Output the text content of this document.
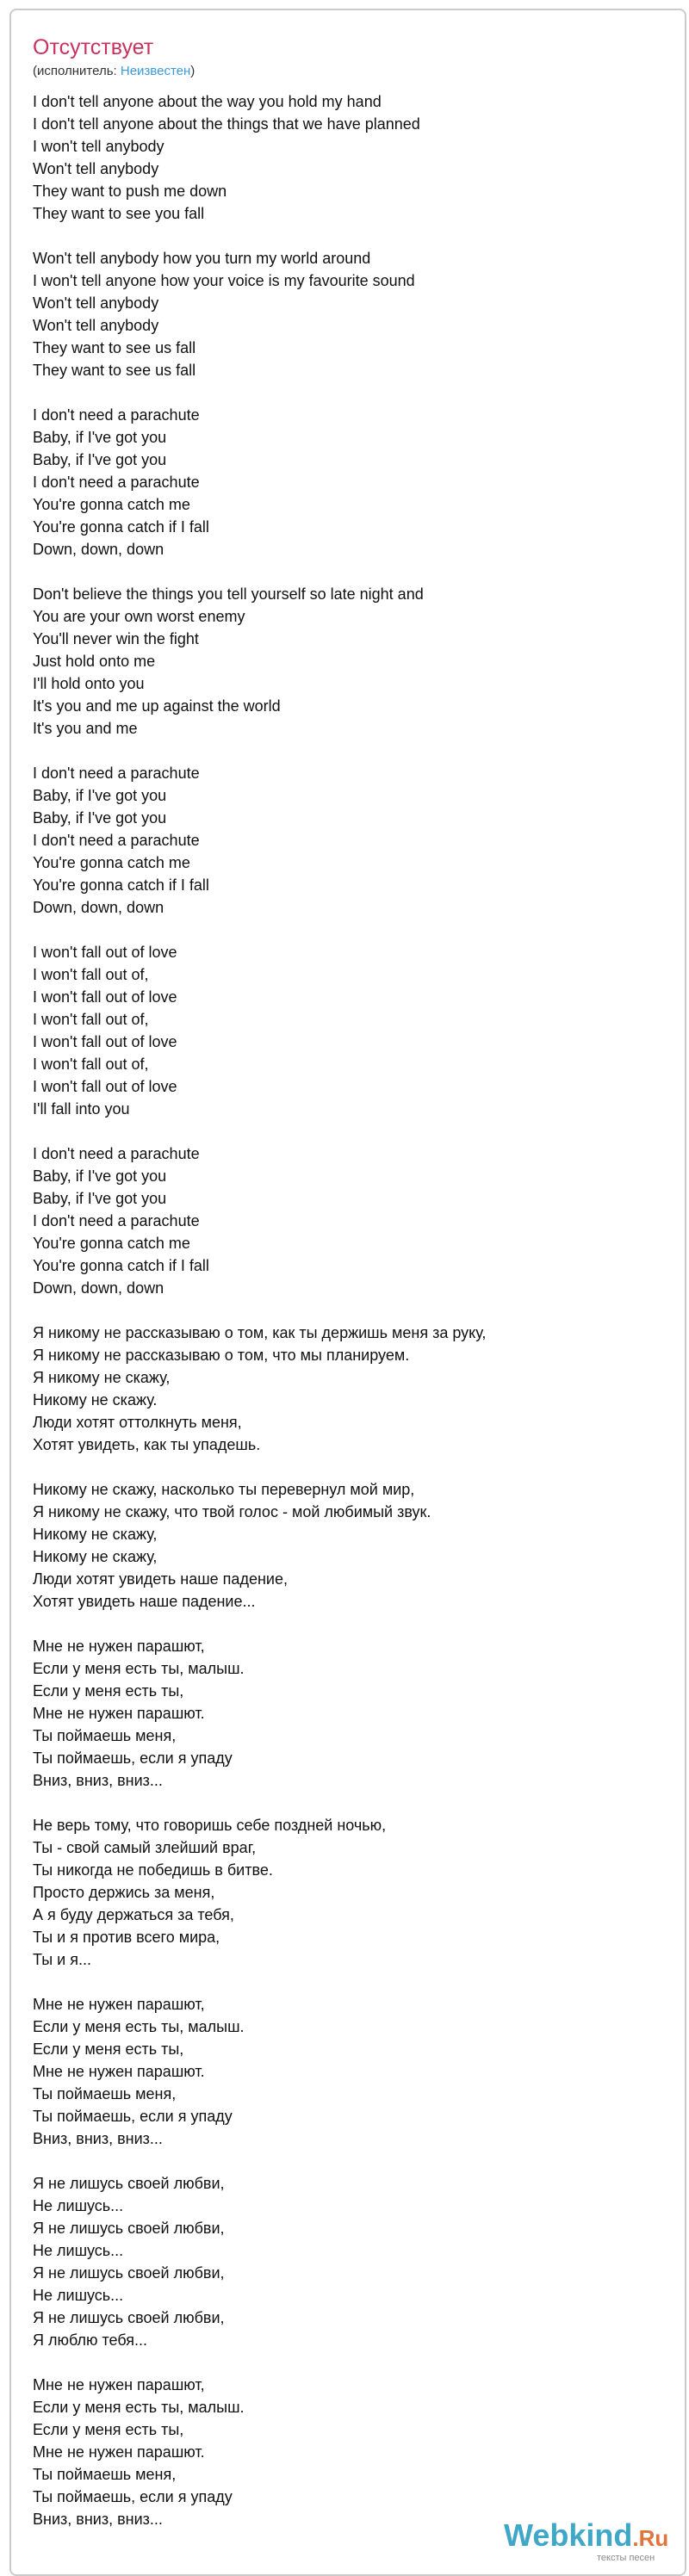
Отсутствует
(исполнитель: Неизвестен)
I don't tell anyone about the way you hold my hand
I don't tell anyone about the things that we have planned
I won't tell anybody
Won't tell anybody
They want to push me down
They want to see you fall
Won't tell anybody how you turn my world around
I won't tell anyone how your voice is my favourite sound
Won't tell anybody
Won't tell anybody
They want to see us fall
They want to see us fall
I don't need a parachute
Baby, if I've got you
Baby, if I've got you
I don't need a parachute
You're gonna catch me
You're gonna catch if I fall
Down, down, down
Don't believe the things you tell yourself so late night and
You are your own worst enemy
You'll never win the fight
Just hold onto me
I'll hold onto you
It's you and me up against the world
It's you and me
I don't need a parachute
Baby, if I've got you
Baby, if I've got you
I don't need a parachute
You're gonna catch me
You're gonna catch if I fall
Down, down, down
I won't fall out of love
I won't fall out of,
I won't fall out of love
I won't fall out of,
I won't fall out of love
I won't fall out of,
I won't fall out of love
I'll fall into you
I don't need a parachute
Baby, if I've got you
Baby, if I've got you
I don't need a parachute
You're gonna catch me
You're gonna catch if I fall
Down, down, down
Я никому не рассказываю о том, как ты держишь меня за руку,
Я никому не рассказываю о том, что мы планируем.
Я никому не скажу,
Никому не скажу.
Люди хотят оттолкнуть меня,
Хотят увидеть, как ты упадешь.
Никому не скажу, насколько ты перевернул мой мир,
Я никому не скажу, что твой голос - мой любимый звук.
Никому не скажу,
Никому не скажу,
Люди хотят увидеть наше падение,
Хотят увидеть наше падение...
Мне не нужен парашют,
Если у меня есть ты, малыш.
Если у меня есть ты,
Мне не нужен парашют.
Ты поймаешь меня,
Ты поймаешь, если я упаду
Вниз, вниз, вниз...
Не верь тому, что говоришь себе поздней ночью,
Ты - свой самый злейший враг,
Ты никогда не победишь в битве.
Просто держись за меня,
А я буду держаться за тебя,
Ты и я против всего мира,
Ты и я...
Мне не нужен парашют,
Если у меня есть ты, малыш.
Если у меня есть ты,
Мне не нужен парашют.
Ты поймаешь меня,
Ты поймаешь, если я упаду
Вниз, вниз, вниз...
Я не лишусь своей любви,
Не лишусь...
Я не лишусь своей любви,
Не лишусь...
Я не лишусь своей любви,
Не лишусь...
Я не лишусь своей любви,
Я люблю тебя...
Мне не нужен парашют,
Если у меня есть ты, малыш.
Если у меня есть ты,
Мне не нужен парашют.
Ты поймаешь меня,
Ты поймаешь, если я упаду
Вниз, вниз, вниз...	Webkind.Ru
тексты песен
